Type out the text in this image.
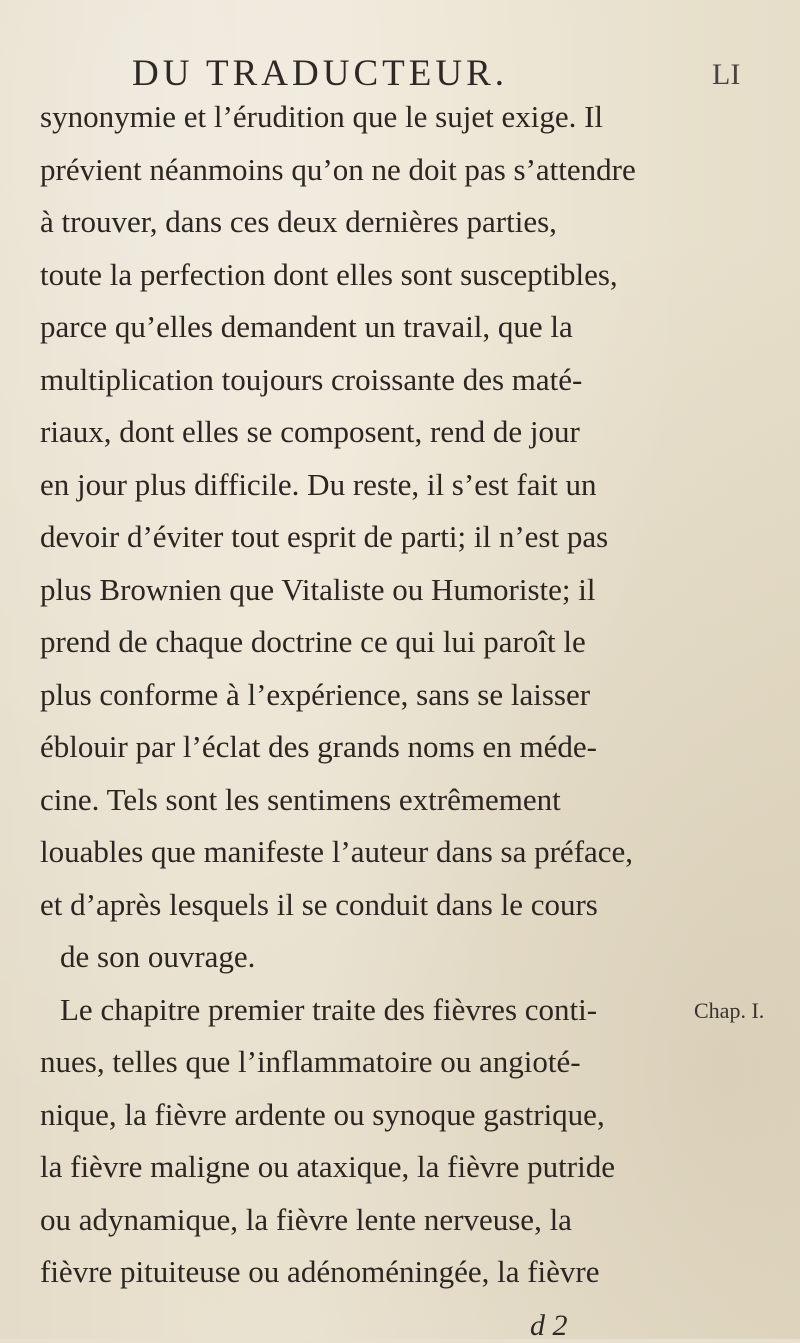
DU TRADUCTEUR.	LI
synonymie et l’érudition que le sujet exige. Il
prévient néanmoins qu’on ne doit pas s’attendre
à trouver, dans ces deux dernières parties,
toute la perfection dont elles sont susceptibles,
parce qu’elles demandent un travail, que la
multiplication toujours croissante des maté-
riaux, dont elles se composent, rend de jour
en jour plus difficile. Du reste, il s’est fait un
devoir d’éviter tout esprit de parti; il n’est pas
plus Brownien que Vitaliste ou Humoriste; il
prend de chaque doctrine ce qui lui paroît le
plus conforme à l’expérience, sans se laisser
éblouir par l’éclat des grands noms en méde-
cine. Tels sont les sentimens extrêmement
louables que manifeste l’auteur dans sa préface,
et d’après lesquels il se conduit dans le cours
de son ouvrage.
Le chapitre premier traite des fièvres conti-
nues, telles que l’inflammatoire ou angioté-
nique, la fièvre ardente ou synoque gastrique,
la fièvre maligne ou ataxique, la fièvre putride
Chap. I.
ou adynamique, la fièvre lente nerveuse, la
fièvre pituiteuse ou adénoméningée, la fièvre
d 2
